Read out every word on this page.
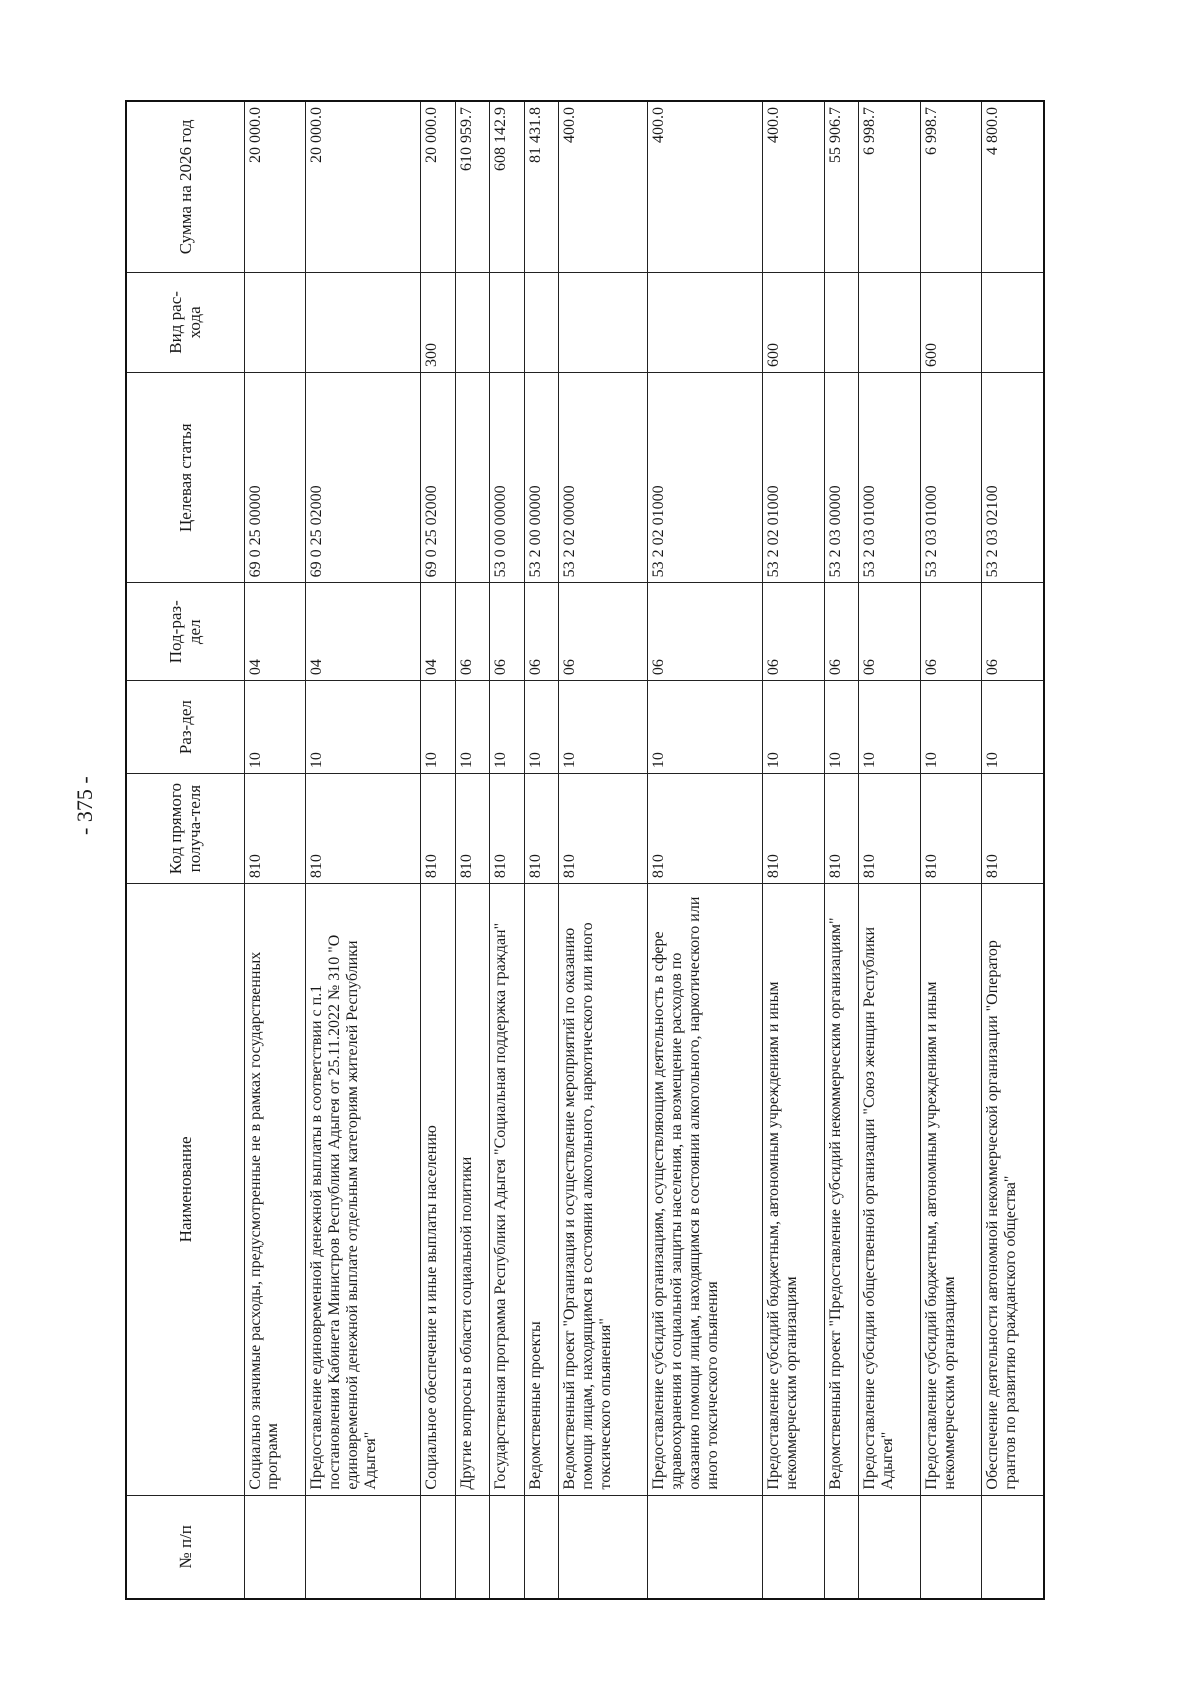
- 375 -
№ п/п	Наименование	Код прямого получа-теля	Раз-дел	Под-раз-дел	Целевая статья	Вид рас-хода	Сумма на 2026 год
	Социально значимые расходы, предусмотренные не в рамках государственных программ	810	10	04	69 0 25 00000		20 000.0
	Предоставление единовременной денежной выплаты в соответствии с п.1 постановления Кабинета Министров Республики Адыгея от 25.11.2022 № 310 "О единовременной денежной выплате отдельным категориям жителей Республики Адыгея"	810	10	04	69 0 25 02000		20 000.0
	Социальное обеспечение и иные выплаты населению	810	10	04	69 0 25 02000	300	20 000.0
	Другие вопросы в области социальной политики	810	10	06			610 959.7
	Государственная программа Республики Адыгея "Социальная поддержка граждан"	810	10	06	53 0 00 00000		608 142.9
	Ведомственные проекты	810	10	06	53 2 00 00000		81 431.8
	Ведомственный проект "Организация и осуществление мероприятий по оказанию помощи лицам, находящимся в состоянии алкогольного, наркотического или иного токсического опьянения"	810	10	06	53 2 02 00000		400.0
	Предоставление субсидий организациям, осуществляющим деятельность в сфере здравоохранения и социальной защиты населения, на возмещение расходов по оказанию помощи лицам, находящимся в состоянии алкогольного, наркотического или иного токсического опьянения	810	10	06	53 2 02 01000		400.0
	Предоставление субсидий бюджетным, автономным учреждениям и иным некоммерческим организациям	810	10	06	53 2 02 01000	600	400.0
	Ведомственный проект "Предоставление субсидий некоммерческим организациям"	810	10	06	53 2 03 00000		55 906.7
	Предоставление субсидии общественной организации "Союз женщин Республики Адыгея"	810	10	06	53 2 03 01000		6 998.7
	Предоставление субсидий бюджетным, автономным учреждениям и иным некоммерческим организациям	810	10	06	53 2 03 01000	600	6 998.7
	Обеспечение деятельности автономной некоммерческой организации "Оператор грантов по развитию гражданского общества"	810	10	06	53 2 03 02100		4 800.0
